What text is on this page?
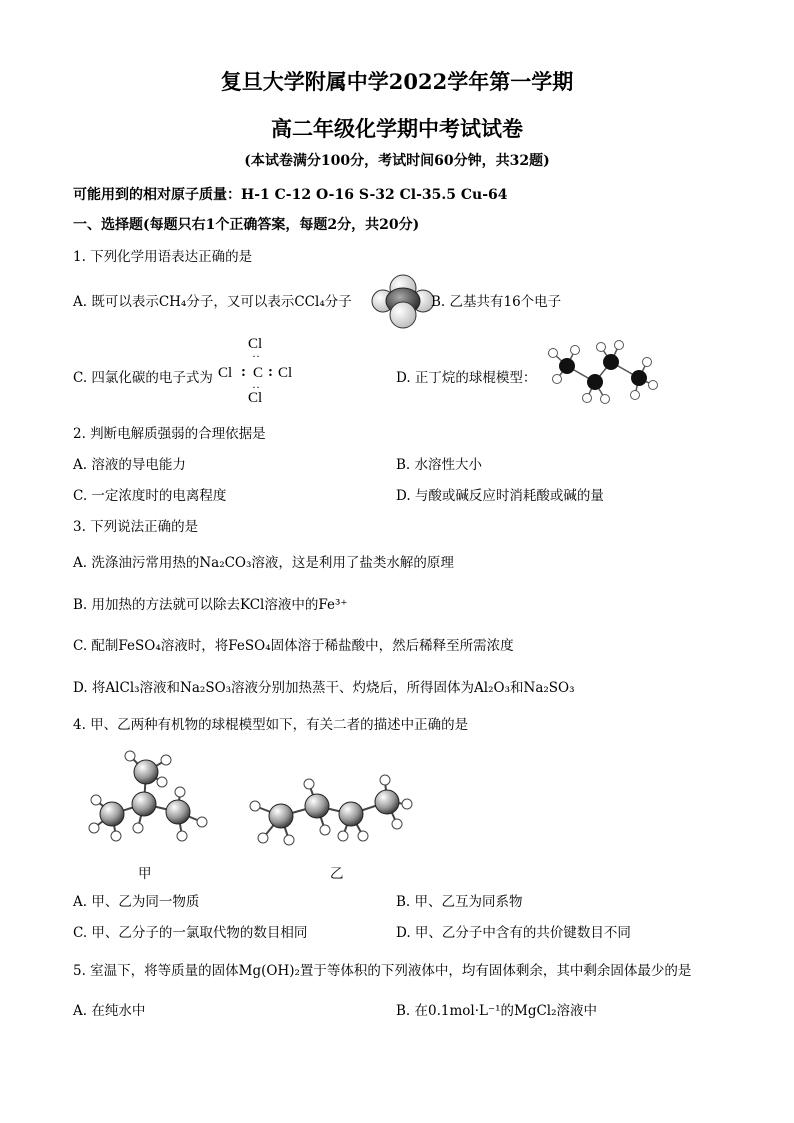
复旦大学附属中学2022学年第一学期
高二年级化学期中考试试卷
(本试卷满分100分，考试时间60分钟，共32题)
可能用到的相对原子质量：H-1 C-12 O-16 S-32 Cl-35.5 Cu-64
一、选择题(每题只右1个正确答案，每题2分，共20分)
1. 下列化学用语表达正确的是
A. 既可以表示CH₄分子，又可以表示CCl₄分子	B. 乙基共有16个电子
C. 四氯化碳的电子式为
Cl
··
Cl : C : Cl
··
Cl
D. 正丁烷的球棍模型：
2. 判断电解质强弱的合理依据是
A. 溶液的导电能力	B. 水溶性大小
C. 一定浓度时的电离程度	D. 与酸或碱反应时消耗酸或碱的量
3. 下列说法正确的是
A. 洗涤油污常用热的Na₂CO₃溶液，这是利用了盐类水解的原理
B. 用加热的方法就可以除去KCl溶液中的Fe³⁺
C. 配制FeSO₄溶液时，将FeSO₄固体溶于稀盐酸中，然后稀释至所需浓度
D. 将AlCl₃溶液和Na₂SO₃溶液分别加热蒸干、灼烧后，所得固体为Al₂O₃和Na₂SO₃
4. 甲、乙两种有机物的球棍模型如下，有关二者的描述中正确的是
甲	乙
A. 甲、乙为同一物质	B. 甲、乙互为同系物
C. 甲、乙分子的一氯取代物的数目相同	D. 甲、乙分子中含有的共价键数目不同
5. 室温下，将等质量的固体Mg(OH)₂置于等体积的下列液体中，均有固体剩余，其中剩余固体最少的是
A. 在纯水中	B. 在0.1mol·L⁻¹的MgCl₂溶液中
